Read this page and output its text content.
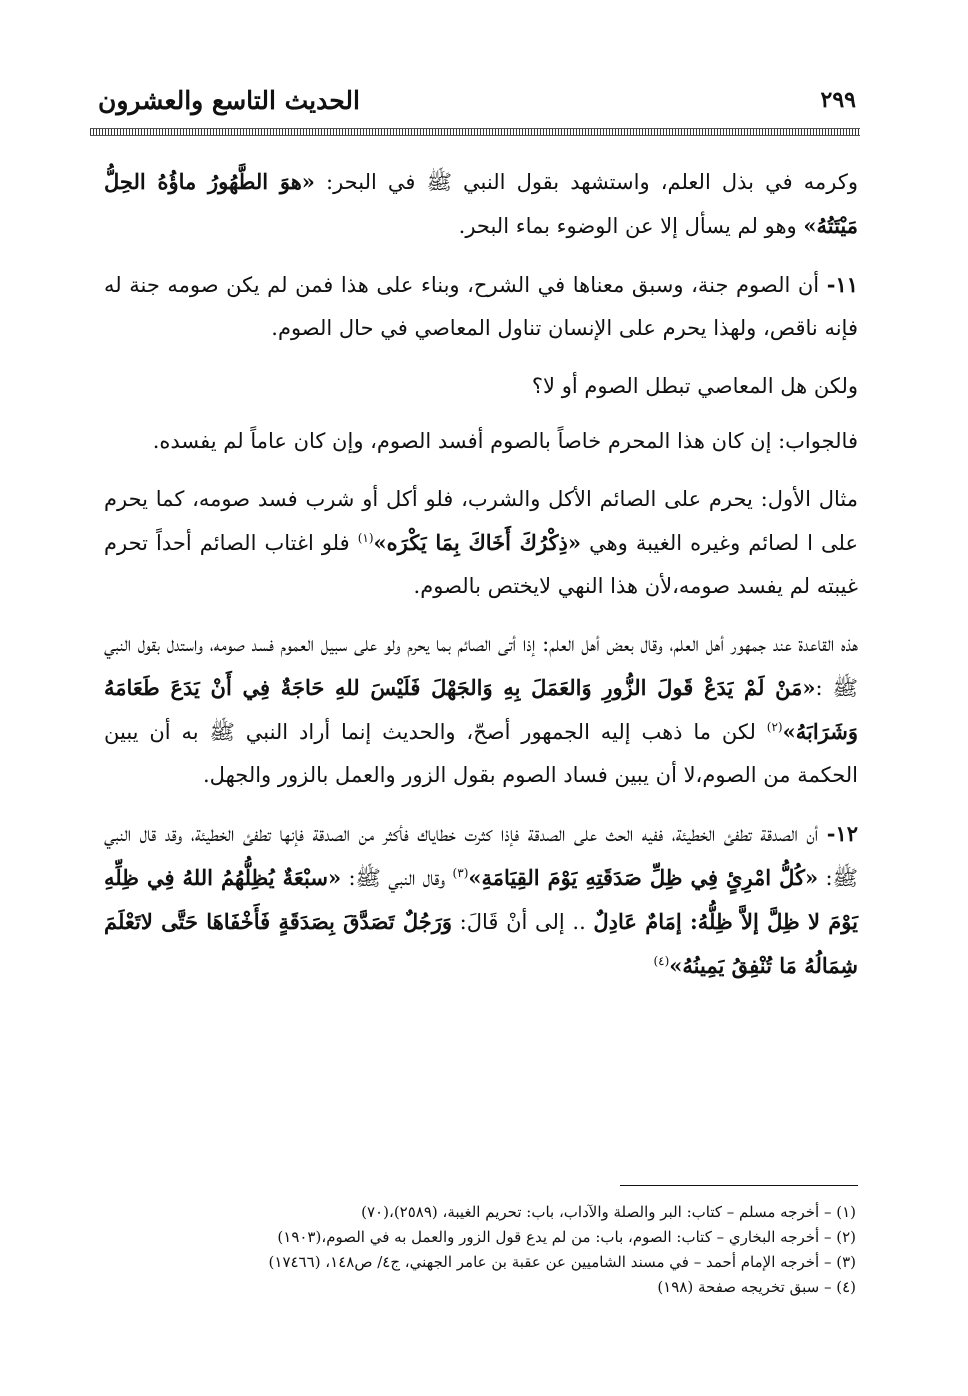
٢٩٩
الحديث التاسع والعشرون

وكرمه في بذل العلم، واستشهد بقول النبي ﷺ في البحر: «هوَ الطَّهُورُ ماؤُهُ الحِلُّ مَيْتَتُهُ» وهو لم يسأل إلا عن الوضوء بماء البحر.

١١- أن الصوم جنة، وسبق معناها في الشرح، وبناء على هذا فمن لم يكن صومه جنة له فإنه ناقص، ولهذا يحرم على الإنسان تناول المعاصي في حال الصوم.

ولكن هل المعاصي تبطل الصوم أو لا؟

فالجواب: إن كان هذا المحرم خاصاً بالصوم أفسد الصوم، وإن كان عاماً لم يفسده.

مثال الأول: يحرم على الصائم الأكل والشرب، فلو أكل أو شرب فسد صومه، كما يحرم على ا لصائم وغيره الغيبة وهي «ذِكْرُكَ أَخَاكَ بِمَا يَكْرَه»$^{(١)}$ فلو اغتاب الصائم أحداً تحرم غيبته لم يفسد صومه،لأن هذا النهي لايختص بالصوم.

هذه القاعدة عند جمهور أهل العلم، وقال بعض أهل العلم: إذا أتى الصائم بما يحرم ولو على سبيل العموم فسد صومه، واستدل بقول النبي ﷺ :«مَنْ لَمْ يَدَعْ قَولَ الزُّورِ وَالعَمَلَ بِهِ وَالجَهْلَ فَلَيْسَ للهِ حَاجَةٌ فِي أَنْ يَدَعَ طَعَامَهُ وَشَرَابَهُ»$^{(٢)}$ لكن ما ذهب إليه الجمهور أصحّ، والحديث إنما أراد النبي ﷺ به أن يبين الحكمة من الصوم،لا أن يبين فساد الصوم بقول الزور والعمل بالزور والجهل.

١٢- أن الصدقة تطفئ الخطيئة، ففيه الحث على الصدقة فإذا كثرت خطاياك فأكثر من الصدقة فإنها تطفئ الخطيئة، وقد قال النبي ﷺ: «كُلُّ امْرِئٍ فِي ظِلِّ صَدَقَتِهِ يَوْمَ القِيَامَةِ»$^{(٣)}$ وقال النبي ﷺ: «سبْعَةٌ يُظِلُّهُمُ اللهُ فِي ظِلِّهِ يَوْمَ لا ظِلَّ إلاَّ ظِلُّهُ: إمَامٌ عَادِلٌ .. إلى أنْ قَالَ: وَرَجُلٌ تَصَدَّقَ بِصَدَقَةٍ فَأَخْفَاهَا حَتَّى لاتَعْلَمَ شِمَالُهُ مَا تُنْفِقُ يَمِينُهُ»$^{(٤)}$

(١) – أخرجه مسلم – كتاب: البر والصلة والآداب، باب: تحريم الغيبة، (٢٥٨٩)،(٧٠)
(٢) – أخرجه البخاري – كتاب: الصوم، باب: من لم يدع قول الزور والعمل به في الصوم،(١٩٠٣)
(٣) – أخرجه الإمام أحمد – في مسند الشاميين عن عقبة بن عامر الجهني، ج٤/ ص١٤٨، (١٧٤٦٦)
(٤) – سبق تخريجه صفحة (١٩٨)
